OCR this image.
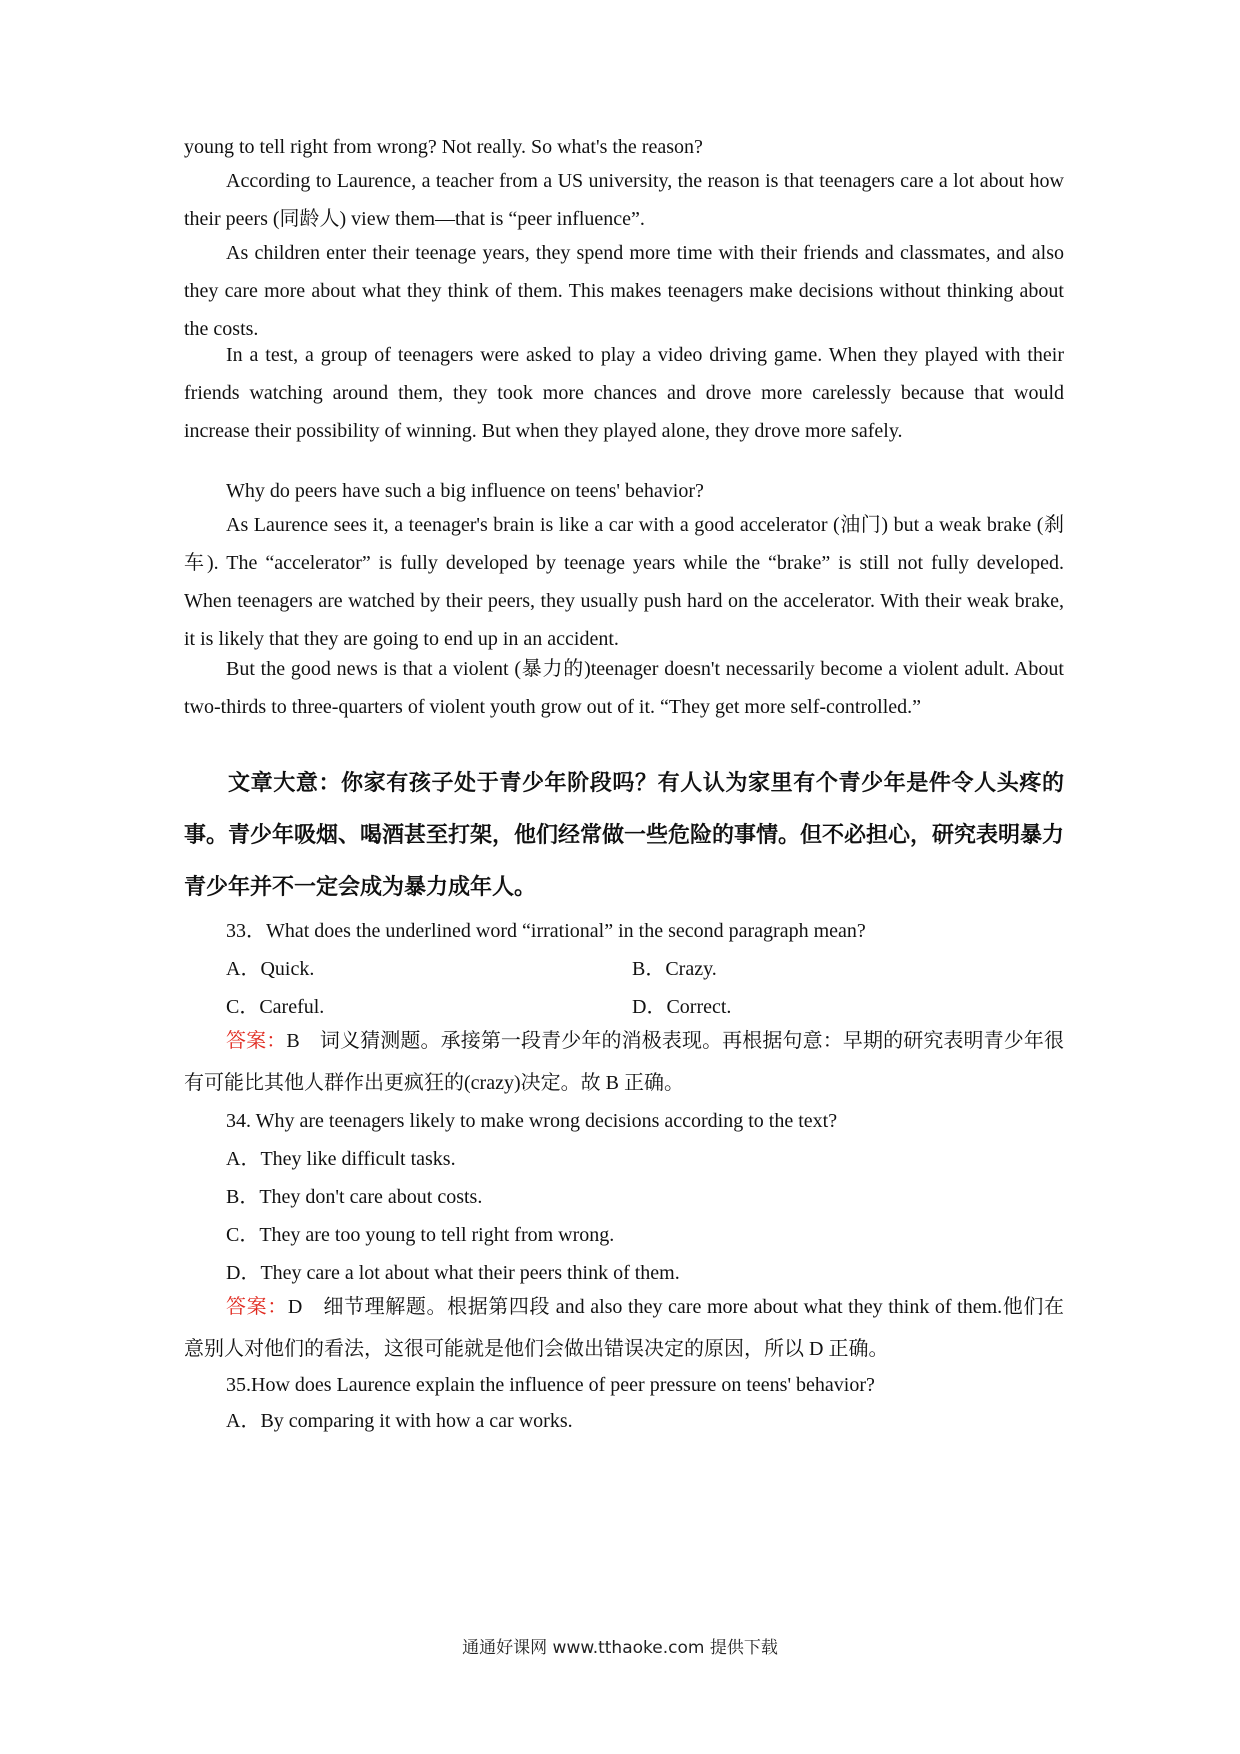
young to tell right from wrong? Not really. So what's the reason?
According to Laurence, a teacher from a US university, the reason is that teenagers care a lot about how their peers (同龄人) view them—that is “peer influence”.
As children enter their teenage years, they spend more time with their friends and classmates, and also they care more about what they think of them. This makes teenagers make decisions without thinking about the costs.
In a test, a group of teenagers were asked to play a video driving game. When they played with their friends watching around them, they took more chances and drove more carelessly because that would increase their possibility of winning. But when they played alone, they drove more safely.
Why do peers have such a big influence on teens' behavior?
As Laurence sees it, a teenager's brain is like a car with a good accelerator (油门) but a weak brake (刹车). The “accelerator” is fully developed by teenage years while the “brake” is still not fully developed. When teenagers are watched by their peers, they usually push hard on the accelerator. With their weak brake, it is likely that they are going to end up in an accident.
But the good news is that a violent (暴力的)teenager doesn't necessarily become a violent adult. About two-thirds to three-quarters of violent youth grow out of it. “They get more self-controlled.”
文章大意：你家有孩子处于青少年阶段吗？有人认为家里有个青少年是件令人头疼的事。青少年吸烟、喝酒甚至打架，他们经常做一些危险的事情。但不必担心，研究表明暴力青少年并不一定会成为暴力成年人。
33．What does the underlined word “irrational” in the second paragraph mean?
A．Quick.	B．Crazy.
C．Careful.	D．Correct.
答案：B　词义猜测题。承接第一段青少年的消极表现。再根据句意：早期的研究表明青少年很有可能比其他人群作出更疯狂的(crazy)决定。故 B 正确。
34. Why are teenagers likely to make wrong decisions according to the text?
A．They like difficult tasks.
B．They don't care about costs.
C．They are too young to tell right from wrong.
D．They care a lot about what their peers think of them.
答案：D　细节理解题。根据第四段 and also they care more about what they think of them.他们在意别人对他们的看法，这很可能就是他们会做出错误决定的原因，所以 D 正确。
35.How does Laurence explain the influence of peer pressure on teens' behavior?
A．By comparing it with how a car works.
通通好课网 www.tthaoke.com 提供下载
